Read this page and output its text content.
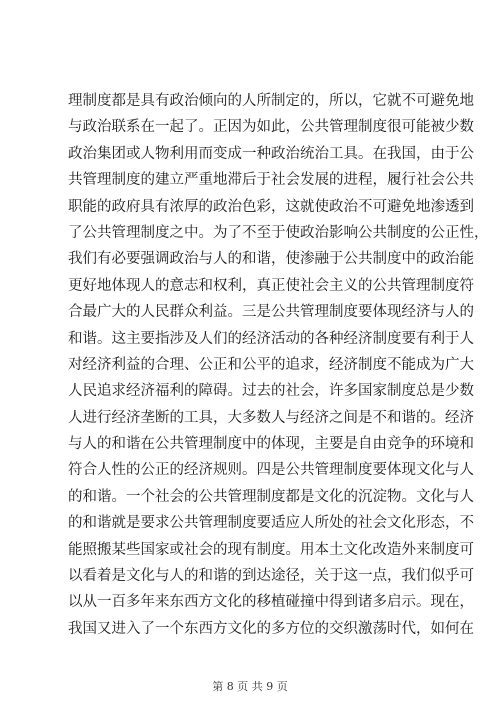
理制度都是具有政治倾向的人所制定的，所以，它就不可避免地
与政治联系在一起了。正因为如此，公共管理制度很可能被少数
政治集团或人物利用而变成一种政治统治工具。在我国，由于公
共管理制度的建立严重地滞后于社会发展的进程，履行社会公共
职能的政府具有浓厚的政治色彩，这就使政治不可避免地渗透到
了公共管理制度之中。为了不至于使政治影响公共制度的公正性，
我们有必要强调政治与人的和谐，使渗融于公共制度中的政治能
更好地体现人的意志和权利，真正使社会主义的公共管理制度符
合最广大的人民群众利益。三是公共管理制度要体现经济与人的
和谐。这主要指涉及人们的经济活动的各种经济制度要有利于人
对经济利益的合理、公正和公平的追求，经济制度不能成为广大
人民追求经济福利的障碍。过去的社会，许多国家制度总是少数
人进行经济垄断的工具，大多数人与经济之间是不和谐的。经济
与人的和谐在公共管理制度中的体现，主要是自由竞争的环境和
符合人性的公正的经济规则。四是公共管理制度要体现文化与人
的和谐。一个社会的公共管理制度都是文化的沉淀物。文化与人
的和谐就是要求公共管理制度要适应人所处的社会文化形态，不
能照搬某些国家或社会的现有制度。用本土文化改造外来制度可
以看着是文化与人的和谐的到达途径，关于这一点，我们似乎可
以从一百多年来东西方文化的移植碰撞中得到诸多启示。现在，
我国又进入了一个东西方文化的多方位的交织激荡时代，如何在
第 8 页 共 9 页
